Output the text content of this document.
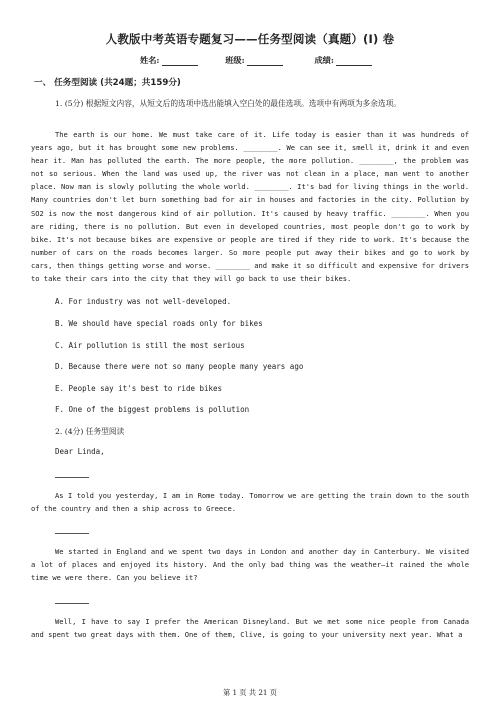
人教版中考英语专题复习——任务型阅读（真题）(I) 卷
姓名:	班级:	成绩:
一、 任务型阅读 (共24题；共159分)
1. (5分) 根据短文内容，从短文后的选项中选出能填入空白处的最佳选项。选项中有两项为多余选项。
The earth is our home. We must take care of it. Life today is easier than it was hundreds of years ago, but it has brought some new problems. ________. We can see it, smell it, drink it and even hear it. Man has polluted the earth. The more people, the more pollution. ________, the problem was not so serious. When the land was used up, the river was not clean in a place, man went to another place. Now man is slowly polluting the whole world. ________. It's bad for living things in the world. Many countries don't let burn something bad for air in houses and factories in the city. Pollution by SO2 is now the most dangerous kind of air pollution. It's caused by heavy traffic. ________. When you are riding, there is no pollution. But even in developed countries, most people don't go to work by bike. It's not because bikes are expensive or people are tired if they ride to work. It's because the number of cars on the roads becomes larger. So more people put away their bikes and go to work by cars, then things getting worse and worse. ________ and make it so difficult and expensive for drivers to take their cars into the city that they will go back to use their bikes.
A. For industry was not well-developed.
B. We should have special roads only for bikes
C. Air pollution is still the most serious
D. Because there were not so many people many years ago
E. People say it's best to ride bikes
F. One of the biggest problems is pollution
2. (4分) 任务型阅读
Dear Linda,
As I told you yesterday, I am in Rome today. Tomorrow we are getting the train down to the south of the country and then a ship across to Greece.
We started in England and we spent two days in London and another day in Canterbury. We visited a lot of places and enjoyed its history. And the only bad thing was the weather—it rained the whole time we were there. Can you believe it?
Well, I have to say I prefer the American Disneyland. But we met some nice people from Canada and spent two great days with them. One of them, Clive, is going to your university next year. What a
第 1 页 共 21 页
